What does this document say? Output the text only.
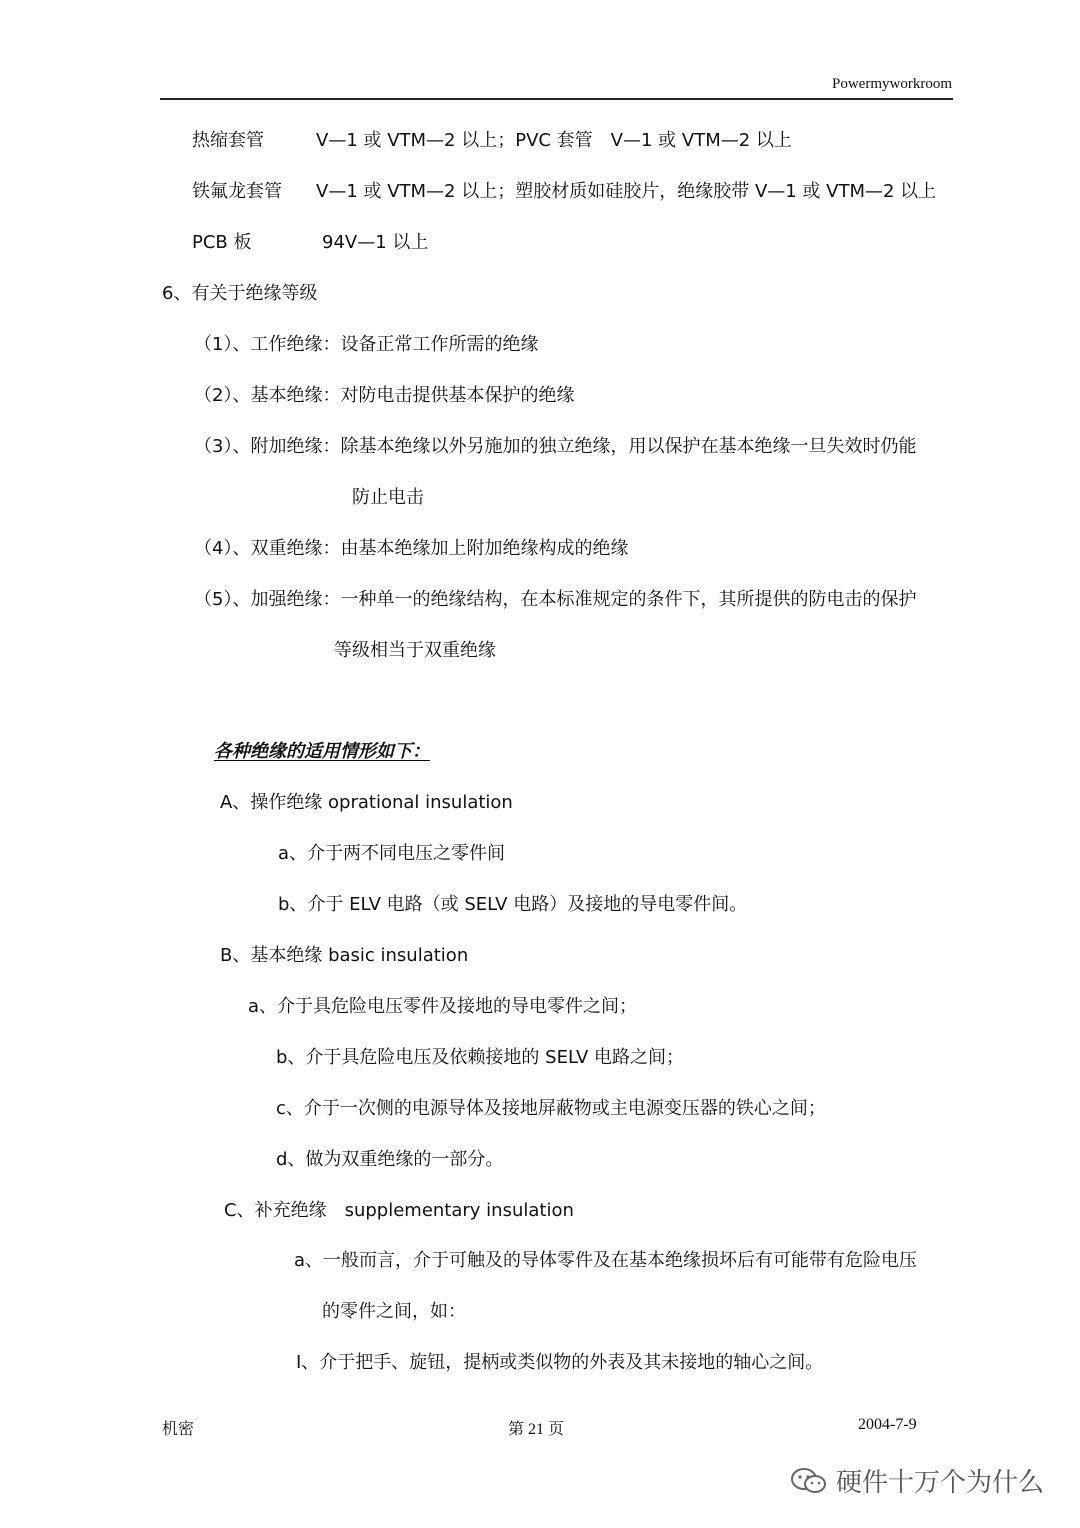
Powermyworkroom
热缩套管	V—1 或 VTM—2 以上；PVC 套管　V—1 或 VTM—2 以上
铁氟龙套管 V—1 或 VTM—2 以上；塑胶材质如硅胶片，绝缘胶带 V—1 或 VTM—2 以上
PCB 板	94V—1 以上
6、有关于绝缘等级
（1）、工作绝缘：设备正常工作所需的绝缘
（2）、基本绝缘：对防电击提供基本保护的绝缘
（3）、附加绝缘：除基本绝缘以外另施加的独立绝缘，用以保护在基本绝缘一旦失效时仍能
防止电击
（4）、双重绝缘：由基本绝缘加上附加绝缘构成的绝缘
（5）、加强绝缘：一种单一的绝缘结构，在本标准规定的条件下，其所提供的防电击的保护
等级相当于双重绝缘
各种绝缘的适用情形如下：
A、操作绝缘 oprational insulation
a、介于两不同电压之零件间
b、介于 ELV 电路（或 SELV 电路）及接地的导电零件间。
B、基本绝缘 basic insulation
a、介于具危险电压零件及接地的导电零件之间；
b、介于具危险电压及依赖接地的 SELV 电路之间；
c、介于一次侧的电源导体及接地屏蔽物或主电源变压器的铁心之间；
d、做为双重绝缘的一部分。
C、补充绝缘　supplementary insulation
a、一般而言，介于可触及的导体零件及在基本绝缘损坏后有可能带有危险电压
的零件之间，如：
Ⅰ、介于把手、旋钮，提柄或类似物的外表及其未接地的轴心之间。
机密	第 21 页	2004-7-9
硬件十万个为什么
